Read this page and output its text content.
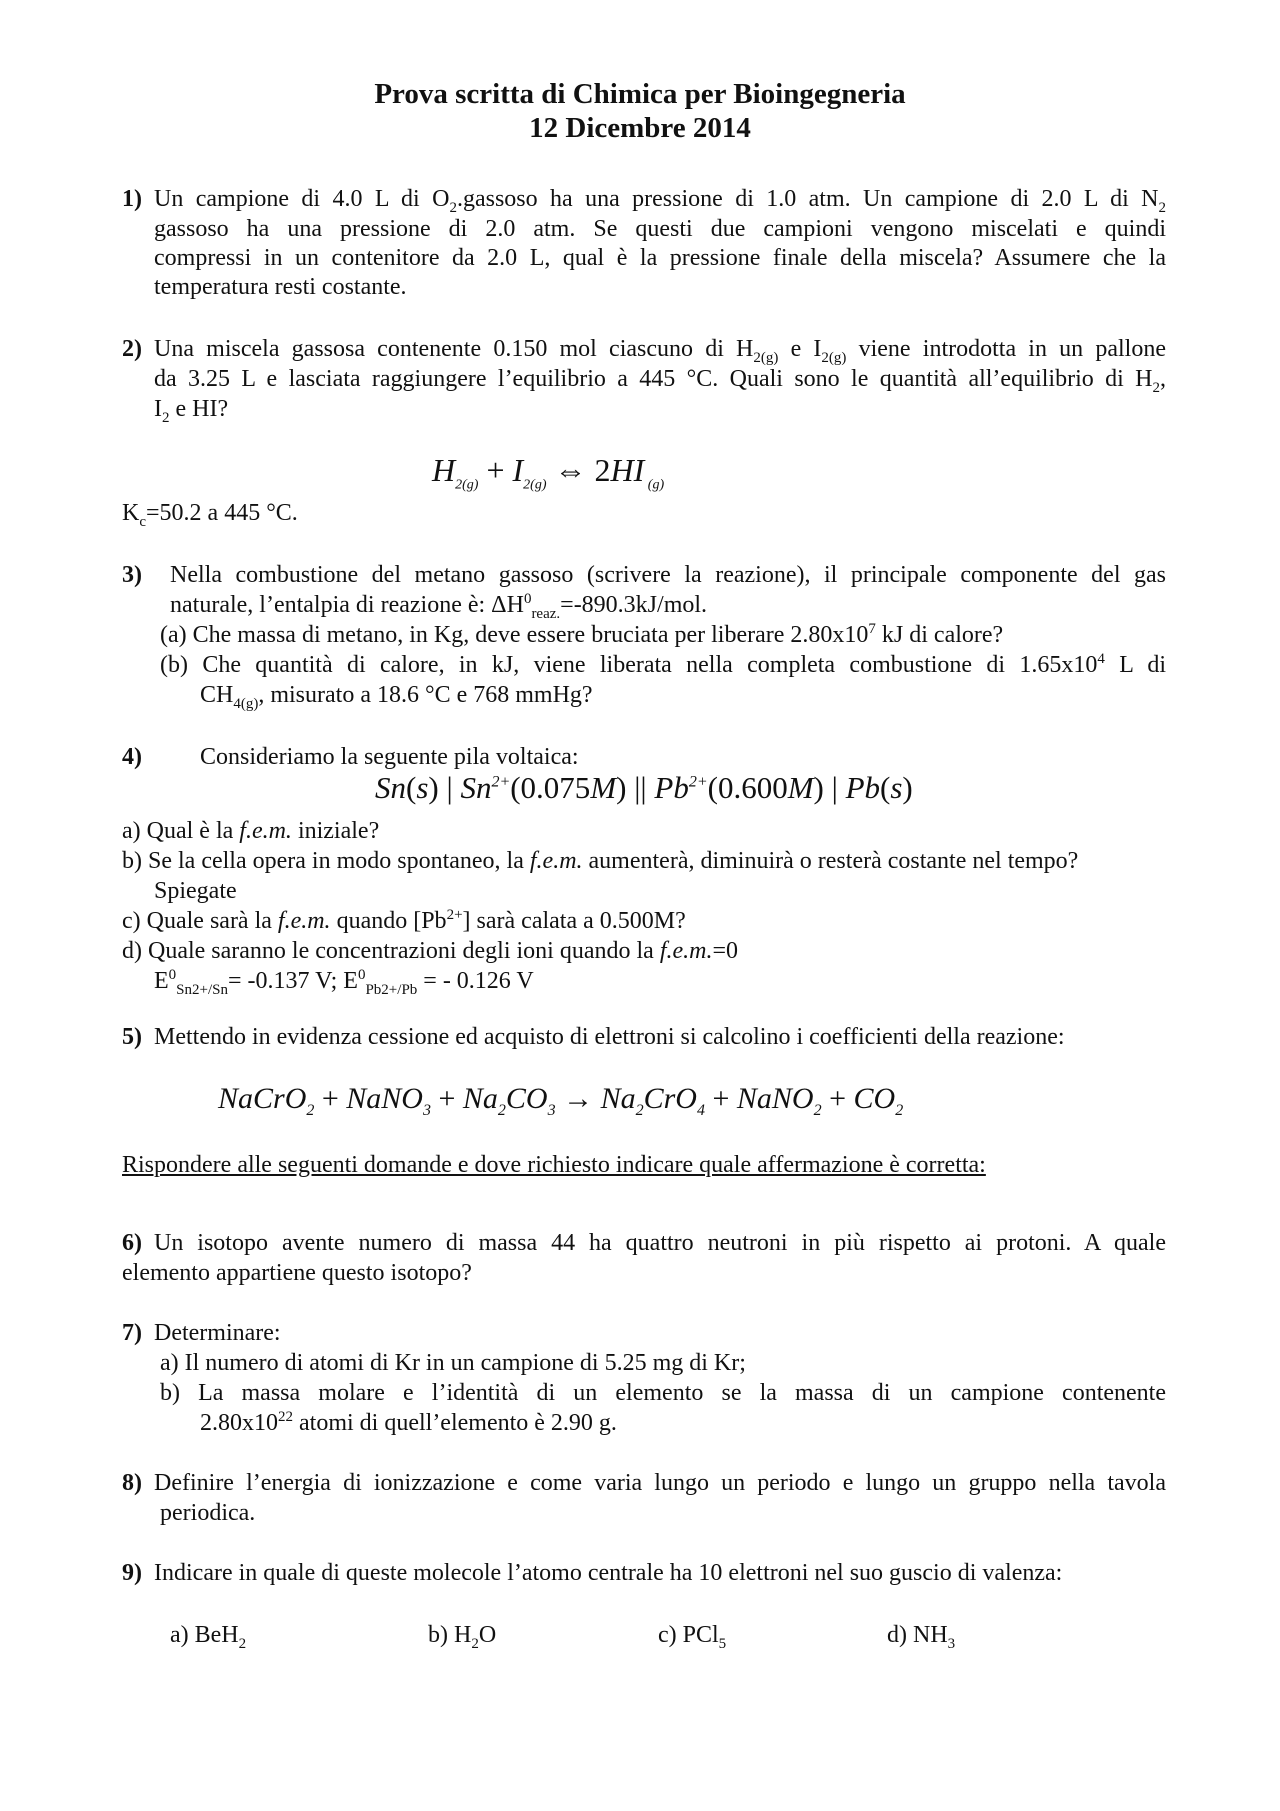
Prova scritta di Chimica per Bioingegneria
12 Dicembre 2014
1) Un campione di 4.0 L di $O_2.gassoso$ ha una pressione di 1.0 atm. Un campione di 2.0 L di $N_2$
gassoso ha una pressione di 2.0 atm. Se questi due campioni vengono miscelati e quindi
compressi in un contenitore da 2.0 L, qual è la pressione finale della miscela? Assumere che la
temperatura resti costante.
2) Una miscela gassosa contenente 0.150 mol ciascuno di $H_{2(g)}$ e $I_{2(g)}$ viene introdotta in un pallone
da 3.25 L e lasciata raggiungere l’equilibrio a 445 °C. Quali sono le quantità all’equilibrio di $H_2$,
$I_2$ e HI?
$H_{2(g)} + I_{2(g)}$ ⇔ 2HI $_{(g)}$
$K_c=50.2$ a 445 °C.
3) Nella combustione del metano gassoso (scrivere la reazione), il principale componente del gas
naturale, l’entalpia di reazione è: $\Delta H^0_{reaz.}=-890.3kJ$/mol.
(a) Che massa di metano, in Kg, deve essere bruciata per liberare $2.80x10^7$ kJ di calore?
(b) Che quantità di calore, in kJ, viene liberata nella completa combustione di $1.65x10^4$ L di
$CH_{4(g)}$, misurato a 18.6 °C e 768 mmHg?
4) Consideriamo la seguente pila voltaica:
Sn(s) | $Sn^{2+}(0.075M)$ || $Pb^{2+}(0.600M)$ | Pb(s)
a) Qual è la f.e.m. iniziale?
b) Se la cella opera in modo spontaneo, la f.e.m. aumenterà, diminuirà o resterà costante nel tempo?
Spiegate
c) Quale sarà la f.e.m. quando $[Pb^{2+}]$ sarà calata a 0.500M?
d) Quale saranno le concentrazioni degli ioni quando la f.e.m.=0
$E^0_{Sn2+/Sn}= -0.137$ V; $E^0_{Pb2+/Pb}$ = - 0.126 V
5) Mettendo in evidenza cessione ed acquisto di elettroni si calcolino i coefficienti della reazione:
NaCrO$_2$ + NaNO$_3$ + $Na_2CO_3 \to Na_2CrO_4$ + NaNO$_2$ + $CO_2$
Rispondere alle seguenti domande e dove richiesto indicare quale affermazione è corretta:
6) Un isotopo avente numero di massa 44 ha quattro neutroni in più rispetto ai protoni. A quale
elemento appartiene questo isotopo?
7) Determinare:
a) Il numero di atomi di Kr in un campione di 5.25 mg di Kr;
b) La massa molare e l’identità di un elemento se la massa di un campione contenente
$2.80x10^{22}$ atomi di quell’elemento è 2.90 g.
8) Definire l’energia di ionizzazione e come varia lungo un periodo e lungo un gruppo nella tavola
periodica.
9) Indicare in quale di queste molecole l’atomo centrale ha 10 elettroni nel suo guscio di valenza:
a) BeH$_2$	b) $H_2O$	c) PCl$_5$	d) $NH_3$
